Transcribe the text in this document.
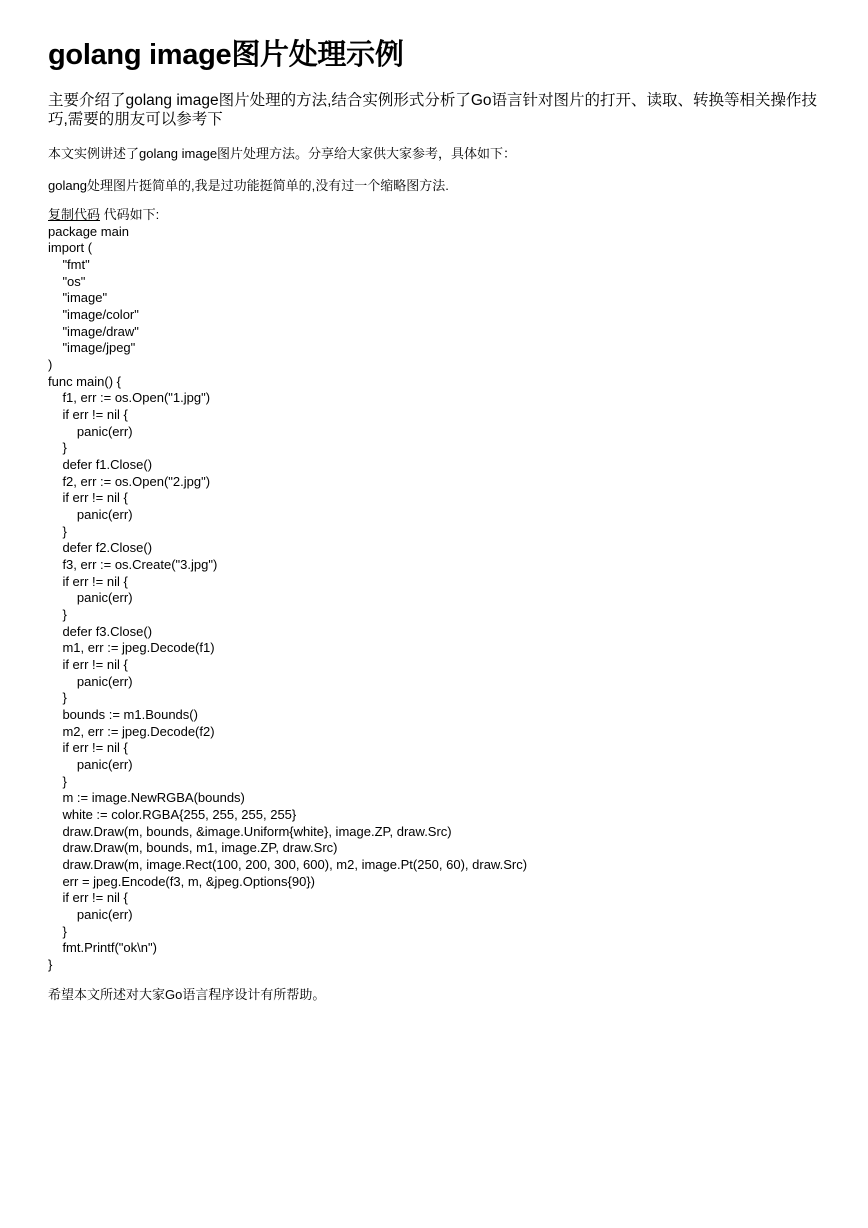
golang image图片处理示例

主要介绍了golang image图片处理的方法,结合实例形式分析了Go语言针对图片的打开、读取、转换等相关操作技巧,需要的朋友可以参考下

本文实例讲述了golang image图片处理方法。分享给大家供大家参考，具体如下：

golang处理图片挺简单的,我是过功能挺简单的,没有过一个缩略图方法.

复制代码 代码如下:
package main
import (
"fmt"
"os"
"image"
"image/color"
"image/draw"
"image/jpeg"
)
func main() {
f1, err := os.Open("1.jpg")
if err != nil {
panic(err)
}
defer f1.Close()
f2, err := os.Open("2.jpg")
if err != nil {
panic(err)
}
defer f2.Close()
f3, err := os.Create("3.jpg")
if err != nil {
panic(err)
}
defer f3.Close()
m1, err := jpeg.Decode(f1)
if err != nil {
panic(err)
}
bounds := m1.Bounds()
m2, err := jpeg.Decode(f2)
if err != nil {
panic(err)
}
m := image.NewRGBA(bounds)
white := color.RGBA{255, 255, 255, 255}
draw.Draw(m, bounds, &image.Uniform{white}, image.ZP, draw.Src)
draw.Draw(m, bounds, m1, image.ZP, draw.Src)
draw.Draw(m, image.Rect(100, 200, 300, 600), m2, image.Pt(250, 60), draw.Src)
err = jpeg.Encode(f3, m, &jpeg.Options{90})
if err != nil {
panic(err)
}
fmt.Printf("ok\n")
}

希望本文所述对大家Go语言程序设计有所帮助。
